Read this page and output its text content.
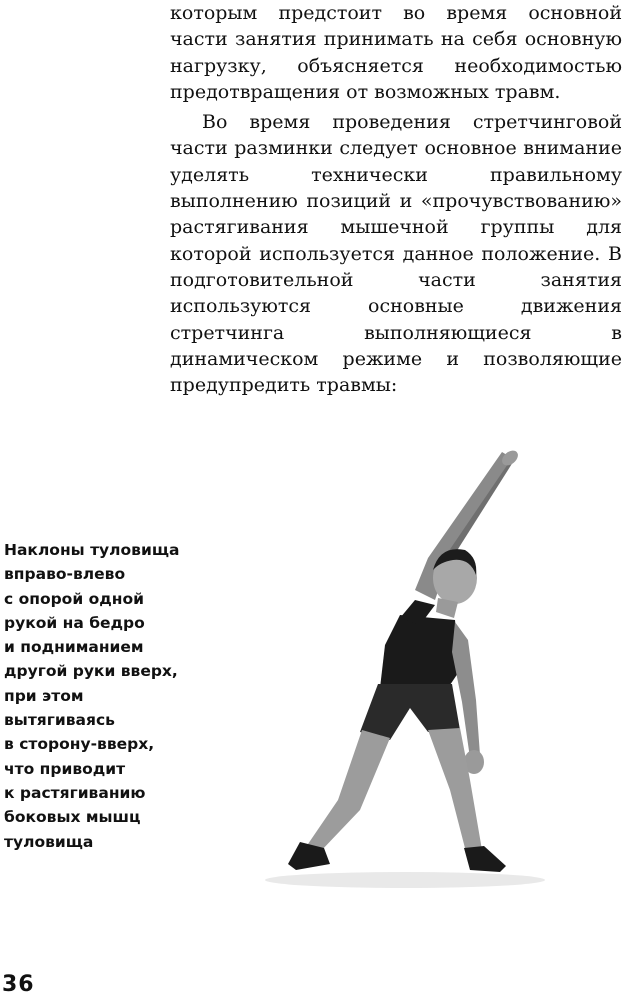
которым предстоит во время основной части занятия принимать на себя основную нагрузку, объясняется необходимостью предотвращения от возможных травм.

Во время проведения стретчинговой части разминки следует основное внимание уделять технически правильному выполнению позиций и «прочувствованию» растягивания мышечной группы для которой используется данное положение. В подготовительной части занятия используются основные движения стретчинга выполняющиеся в динамическом режиме и позволяющие предупредить травмы:

Наклоны туловища
вправо-влево
с опорой одной
рукой на бедро
и подниманием
другой руки вверх,
при этом
вытягиваясь
в сторону-вверх,
что приводит
к растягиванию
боковых мышц
туловища
36
